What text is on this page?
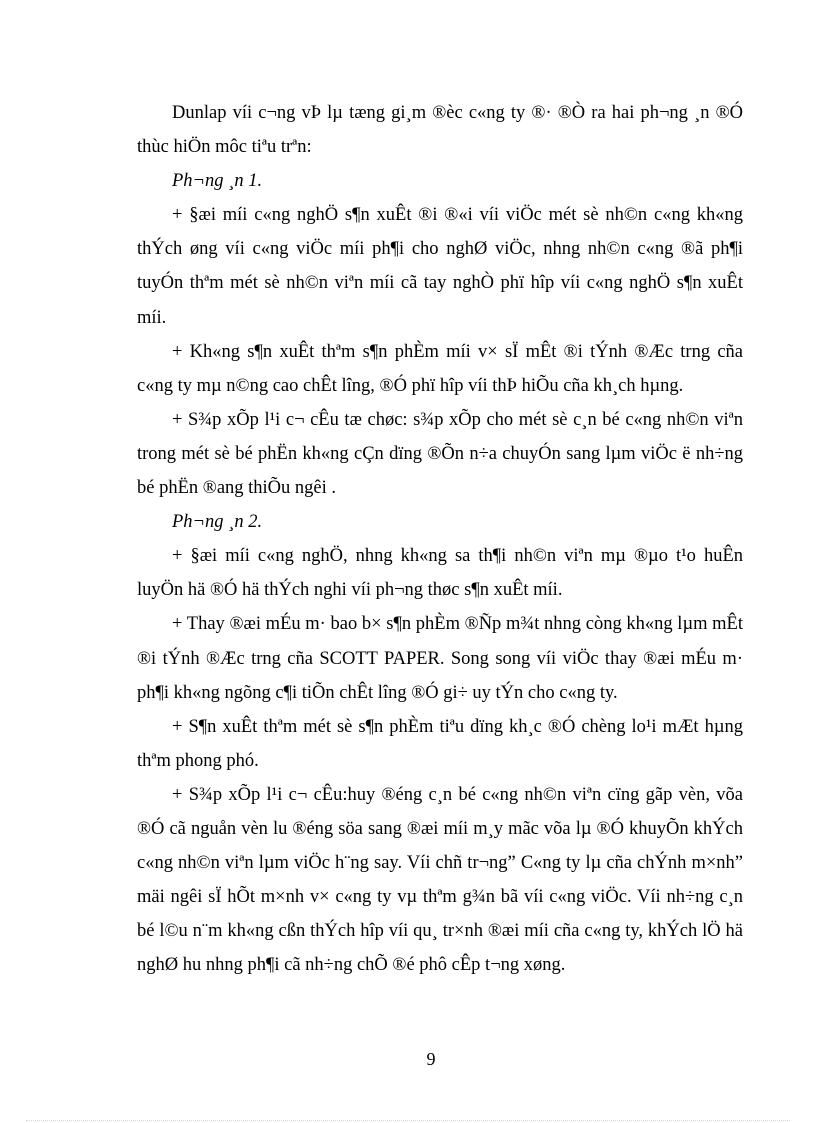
Dunlap víi c¬ng vÞ lµ tæng gi¸m ®èc c«ng ty ®· ®Ò ra hai ph¬ng ¸n ®Ó thùc hiÖn môc tiªu trªn:

Ph¬ng ¸n 1.

+ §æi míi c«ng nghÖ s¶n xuÊt ®i ®«i víi viÖc mét sè nh©n c«ng kh«ng thÝch øng víi c«ng viÖc míi ph¶i cho nghØ viÖc, nhng nh©n c«ng ®ã ph¶i tuyÓn thªm mét sè nh©n viªn míi cã tay nghÒ phï hîp víi c«ng nghÖ s¶n xuÊt míi.

+ Kh«ng s¶n xuÊt thªm s¶n phÈm míi v× sÏ mÊt ®i tÝnh ®Æc trng cña c«ng ty mµ n©ng cao chÊt lîng, ®Ó phï hîp víi thÞ hiÕu cña kh¸ch hµng.

+ S¾p xÕp l¹i c¬ cÊu tæ chøc: s¾p xÕp cho mét sè c¸n bé c«ng nh©n viªn trong mét sè bé phËn kh«ng cÇn dïng ®Õn n÷a chuyÓn sang lµm viÖc ë nh÷ng bé phËn ®ang thiÕu ngêi .

Ph¬ng ¸n 2.

+ §æi míi c«ng nghÖ, nhng kh«ng sa th¶i nh©n viªn mµ ®µo t¹o huÊn luyÖn hä ®Ó hä thÝch nghi víi ph¬ng thøc s¶n xuÊt míi.

+ Thay ®æi mÉu m· bao b× s¶n phÈm ®Ñp m¾t nhng còng kh«ng lµm mÊt ®i tÝnh ®Æc trng cña SCOTT PAPER. Song song víi viÖc thay ®æi mÉu m· ph¶i kh«ng ngõng c¶i tiÕn chÊt lîng ®Ó gi÷ uy tÝn cho c«ng ty.

+ S¶n xuÊt thªm mét sè s¶n phÈm tiªu dïng kh¸c ®Ó chèng lo¹i mÆt hµng thªm phong phó.

+ S¾p xÕp l¹i c¬ cÊu:huy ®éng c¸n bé c«ng nh©n viªn cïng gãp vèn, võa ®Ó cã nguån vèn lu ®éng söa sang ®æi míi m¸y mãc võa lµ ®Ó khuyÕn khÝch c«ng nh©n viªn lµm viÖc h¨ng say. Víi chñ tr¬ng” C«ng ty lµ cña chÝnh m×nh” mäi ngêi sÏ hÕt m×nh v× c«ng ty vµ thªm g¾n bã víi c«ng viÖc. Víi nh÷ng c¸n bé l©u n¨m kh«ng cßn thÝch hîp víi qu¸ tr×nh ®æi míi cña c«ng ty, khÝch lÖ hä nghØ hu nhng ph¶i cã nh÷ng chÕ ®é phô cÊp t¬ng xøng.

9
